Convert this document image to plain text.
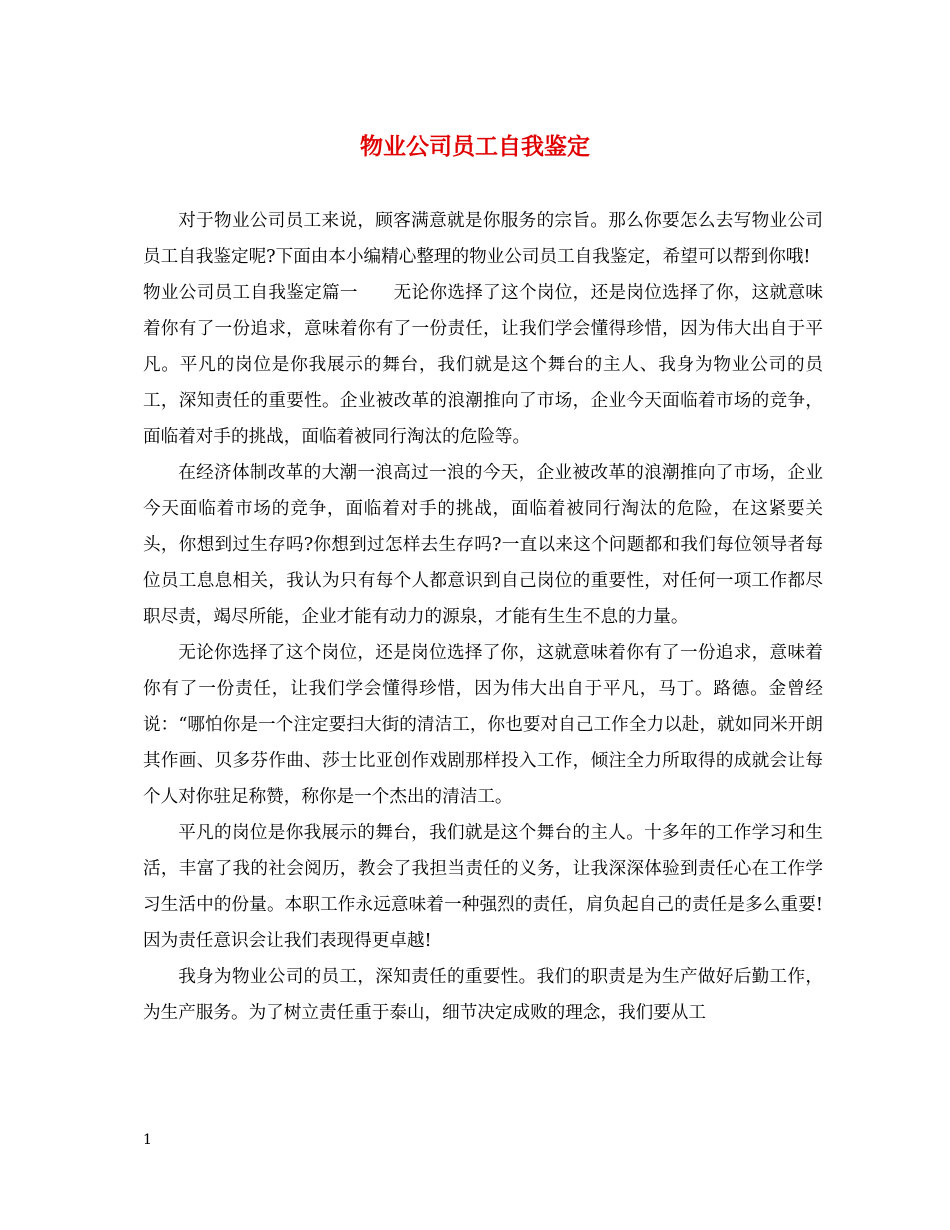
物业公司员工自我鉴定

对于物业公司员工来说，顾客满意就是你服务的宗旨。那么你要怎么去写物业公司员工自我鉴定呢?下面由本小编精心整理的物业公司员工自我鉴定，希望可以帮到你哦!

物业公司员工自我鉴定篇一　　无论你选择了这个岗位，还是岗位选择了你，这就意味着你有了一份追求，意味着你有了一份责任，让我们学会懂得珍惜，因为伟大出自于平凡。平凡的岗位是你我展示的舞台，我们就是这个舞台的主人、我身为物业公司的员工，深知责任的重要性。企业被改革的浪潮推向了市场，企业今天面临着市场的竞争，面临着对手的挑战，面临着被同行淘汰的危险等。

在经济体制改革的大潮一浪高过一浪的今天，企业被改革的浪潮推向了市场，企业今天面临着市场的竞争，面临着对手的挑战，面临着被同行淘汰的危险，在这紧要关头，你想到过生存吗?你想到过怎样去生存吗?一直以来这个问题都和我们每位领导者每位员工息息相关，我认为只有每个人都意识到自己岗位的重要性，对任何一项工作都尽职尽责，竭尽所能，企业才能有动力的源泉，才能有生生不息的力量。

无论你选择了这个岗位，还是岗位选择了你，这就意味着你有了一份追求，意味着你有了一份责任，让我们学会懂得珍惜，因为伟大出自于平凡，马丁。路德。金曾经说：“哪怕你是一个注定要扫大街的清洁工，你也要对自己工作全力以赴，就如同米开朗其作画、贝多芬作曲、莎士比亚创作戏剧那样投入工作，倾注全力所取得的成就会让每个人对你驻足称赞，称你是一个杰出的清洁工。

平凡的岗位是你我展示的舞台，我们就是这个舞台的主人。十多年的工作学习和生活，丰富了我的社会阅历，教会了我担当责任的义务，让我深深体验到责任心在工作学习生活中的份量。本职工作永远意味着一种强烈的责任，肩负起自己的责任是多么重要!因为责任意识会让我们表现得更卓越!

我身为物业公司的员工，深知责任的重要性。我们的职责是为生产做好后勤工作，为生产服务。为了树立责任重于泰山，细节决定成败的理念，我们要从工

1
